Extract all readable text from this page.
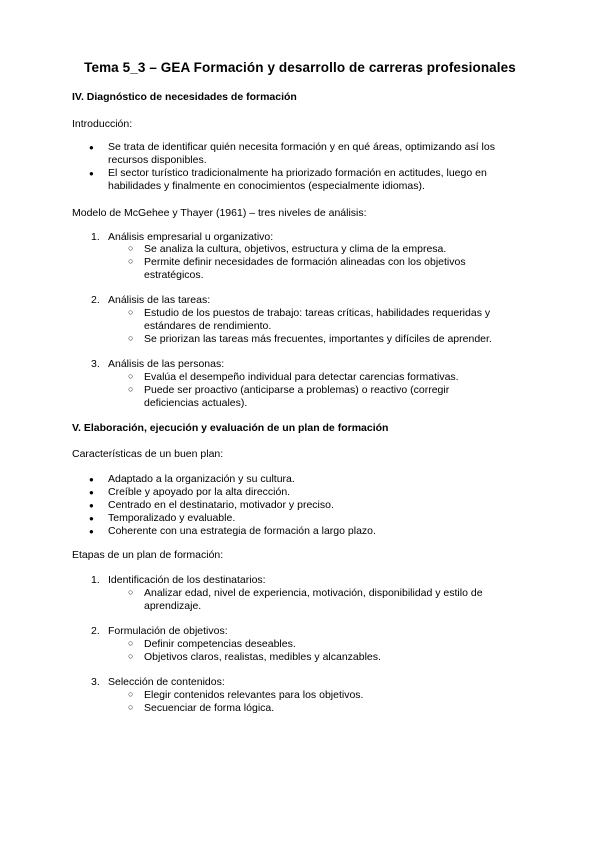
Tema 5_3 – GEA Formación y desarrollo de carreras profesionales
IV. Diagnóstico de necesidades de formación
Introducción:
● Se trata de identificar quién necesita formación y en qué áreas, optimizando así los
recursos disponibles.
● El sector turístico tradicionalmente ha priorizado formación en actitudes, luego en
habilidades y finalmente en conocimientos (especialmente idiomas).
Modelo de McGehee y Thayer (1961) – tres niveles de análisis:
1. Análisis empresarial u organizativo:
○ Se analiza la cultura, objetivos, estructura y clima de la empresa.
○ Permite definir necesidades de formación alineadas con los objetivos
estratégicos.
2. Análisis de las tareas:
○ Estudio de los puestos de trabajo: tareas críticas, habilidades requeridas y
estándares de rendimiento.
○ Se priorizan las tareas más frecuentes, importantes y difíciles de aprender.
3. Análisis de las personas:
○ Evalúa el desempeño individual para detectar carencias formativas.
○ Puede ser proactivo (anticiparse a problemas) o reactivo (corregir
deficiencias actuales).
V. Elaboración, ejecución y evaluación de un plan de formación
Características de un buen plan:
● Adaptado a la organización y su cultura.
● Creíble y apoyado por la alta dirección.
● Centrado en el destinatario, motivador y preciso.
● Temporalizado y evaluable.
● Coherente con una estrategia de formación a largo plazo.
Etapas de un plan de formación:
1. Identificación de los destinatarios:
○ Analizar edad, nivel de experiencia, motivación, disponibilidad y estilo de
aprendizaje.
2. Formulación de objetivos:
○ Definir competencias deseables.
○ Objetivos claros, realistas, medibles y alcanzables.
3. Selección de contenidos:
○ Elegir contenidos relevantes para los objetivos.
○ Secuenciar de forma lógica.
